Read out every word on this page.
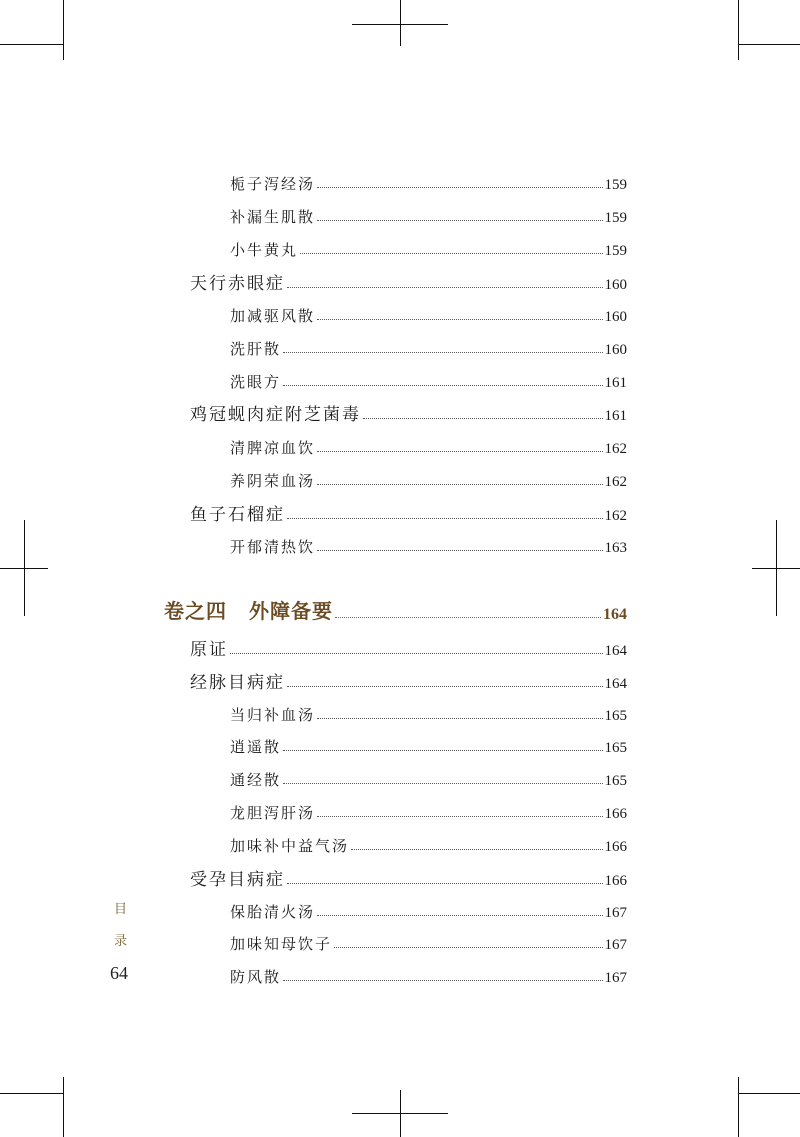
栀子泻经汤	159
补漏生肌散	159
小牛黄丸	159
天行赤眼症	160
加减驱风散	160
洗肝散	160
洗眼方	161
鸡冠蚬肉症附芝菌毒	161
清脾凉血饮	162
养阴荣血汤	162
鱼子石榴症	162
开郁清热饮	163
卷之四 外障备要	164
原证	164
经脉目病症	164
当归补血汤	165
逍遥散	165
通经散	165
龙胆泻肝汤	166
加味补中益气汤	166
受孕目病症	166
保胎清火汤	167
加味知母饮子	167
防风散	167
目
录
64
